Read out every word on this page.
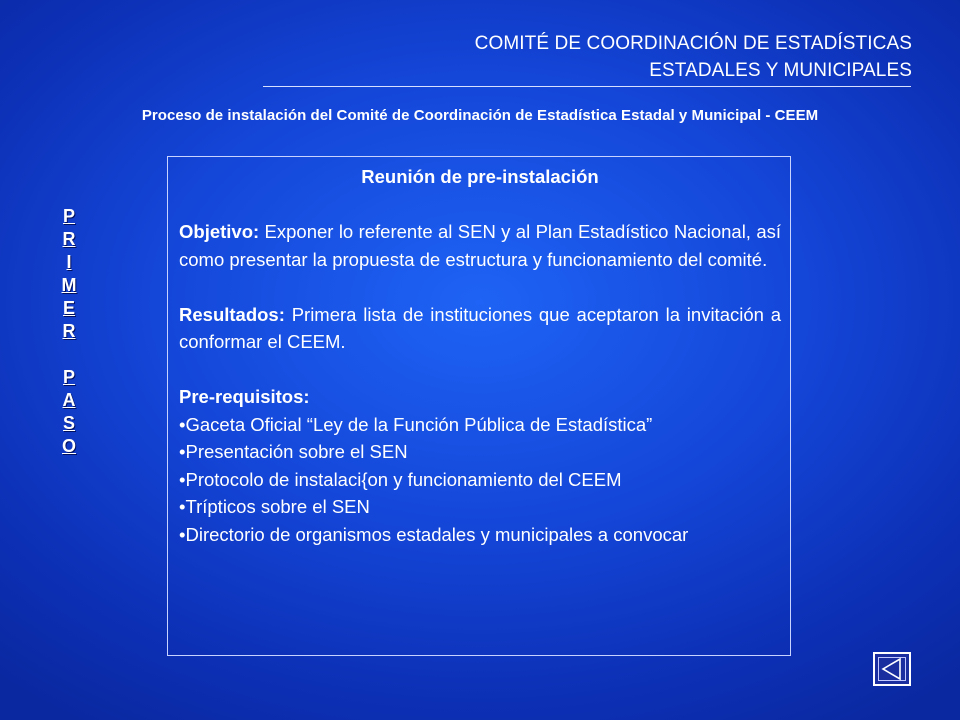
COMITÉ DE COORDINACIÓN DE ESTADÍSTICAS
ESTADALES Y MUNICIPALES
Proceso de instalación del Comité de Coordinación de Estadística Estadal y Municipal - CEEM
P
R
I
M
E
R
P
A
S
O

Reunión de pre-instalación

Objetivo: Exponer lo referente al SEN y al Plan Estadístico Nacional, así como presentar la propuesta de estructura y funcionamiento del comité.

Resultados: Primera lista de instituciones que aceptaron la invitación a conformar el CEEM.

Pre-requisitos:

•Gaceta Oficial “Ley de la Función Pública de Estadística”

•Presentación sobre el SEN

•Protocolo de instalaci{on y funcionamiento del CEEM

•Trípticos sobre el SEN

•Directorio de organismos estadales y municipales a convocar
